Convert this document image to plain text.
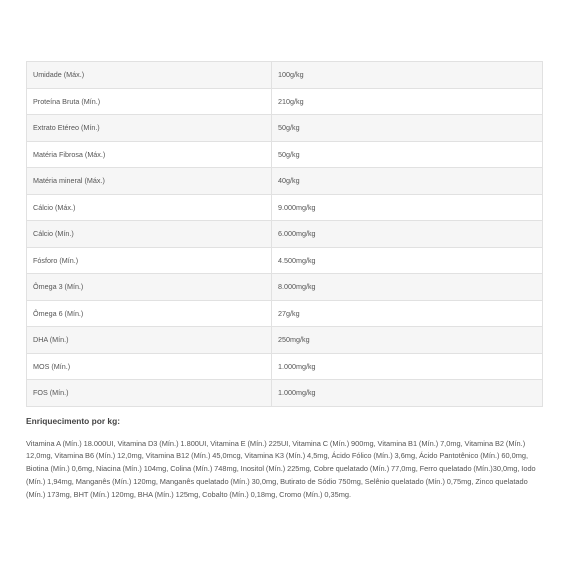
Umidade (Máx.)	100g/kg
Proteína Bruta (Mín.)	210g/kg
Extrato Etéreo (Mín.)	50g/kg
Matéria Fibrosa (Máx.)	50g/kg
Matéria mineral (Máx.)	40g/kg
Cálcio (Máx.)	9.000mg/kg
Cálcio (Mín.)	6.000mg/kg
Fósforo (Mín.)	4.500mg/kg
Ômega 3 (Mín.)	8.000mg/kg
Ômega 6 (Mín.)	27g/kg
DHA (Mín.)	250mg/kg
MOS (Mín.)	1.000mg/kg
FOS (Mín.)	1.000mg/kg
Enriquecimento por kg:
Vitamina A (Mín.) 18.000UI, Vitamina D3 (Mín.) 1.800UI, Vitamina E (Mín.) 225UI, Vitamina C (Mín.) 900mg, Vitamina B1 (Mín.) 7,0mg, Vitamina B2 (Mín.) 12,0mg, Vitamina B6 (Mín.) 12,0mg, Vitamina B12 (Mín.) 45,0mcg, Vitamina K3 (Mín.) 4,5mg, Ácido Fólico (Mín.) 3,6mg, Ácido Pantotênico (Mín.) 60,0mg, Biotina (Mín.) 0,6mg, Niacina (Mín.) 104mg, Colina (Mín.) 748mg, Inositol (Mín.) 225mg, Cobre quelatado (Mín.) 77,0mg, Ferro quelatado (Mín.)30,0mg, Iodo (Mín.) 1,94mg, Manganês (Mín.) 120mg, Manganês quelatado (Mín.) 30,0mg, Butirato de Sódio 750mg, Selênio quelatado (Mín.) 0,75mg, Zinco quelatado (Mín.) 173mg, BHT (Mín.) 120mg, BHA (Mín.) 125mg, Cobalto (Mín.) 0,18mg, Cromo (Mín.) 0,35mg.
